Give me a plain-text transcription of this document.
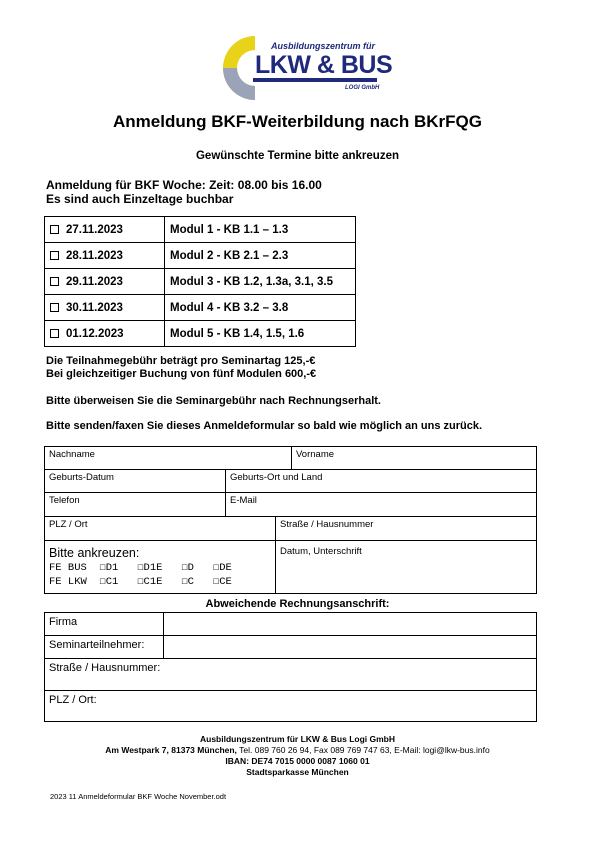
Ausbildungszentrum für
LKW & BUS
LOGI GmbH
Anmeldung BKF-Weiterbildung nach BKrFQG
Gewünschte Termine bitte ankreuzen
Anmeldung für BKF Woche: Zeit: 08.00 bis 16.00
Es sind auch Einzeltage buchbar
27.11.2023	Modul 1 - KB 1.1 – 1.3
28.11.2023	Modul 2 - KB 2.1 – 2.3
29.11.2023	Modul 3 - KB 1.2, 1.3a, 3.1, 3.5
30.11.2023	Modul 4 - KB 3.2 – 3.8
01.12.2023	Modul 5 - KB 1.4, 1.5, 1.6
Die Teilnahmegebühr beträgt pro Seminartag 125,-€
Bei gleichzeitiger Buchung von fünf Modulen 600,-€
Bitte überweisen Sie die Seminargebühr nach Rechnungserhalt.
Bitte senden/faxen Sie dieses Anmeldeformular so bald wie möglich an uns zurück.
Nachname	Vorname
Geburts-Datum	Geburts-Ort und Land
Telefon	E-Mail
PLZ / Ort	Straße / Hausnummer
Bitte ankreuzen:
FE BUS  ☐D1   ☐D1E   ☐D   ☐DE
FE LKW  ☐C1   ☐C1E   ☐C   ☐CE
Datum, Unterschrift
Abweichende Rechnungsanschrift:
Firma
Seminarteilnehmer:
Straße / Hausnummer:
PLZ / Ort:
Ausbildungszentrum für LKW & Bus Logi GmbH
Am Westpark 7, 81373 München, Tel. 089 760 26 94, Fax 089 769 747 63, E-Mail: logi@lkw-bus.info
IBAN: DE74 7015 0000 0087 1060 01
Stadtsparkasse München
2023 11 Anmeldeformular BKF Woche November.odt
